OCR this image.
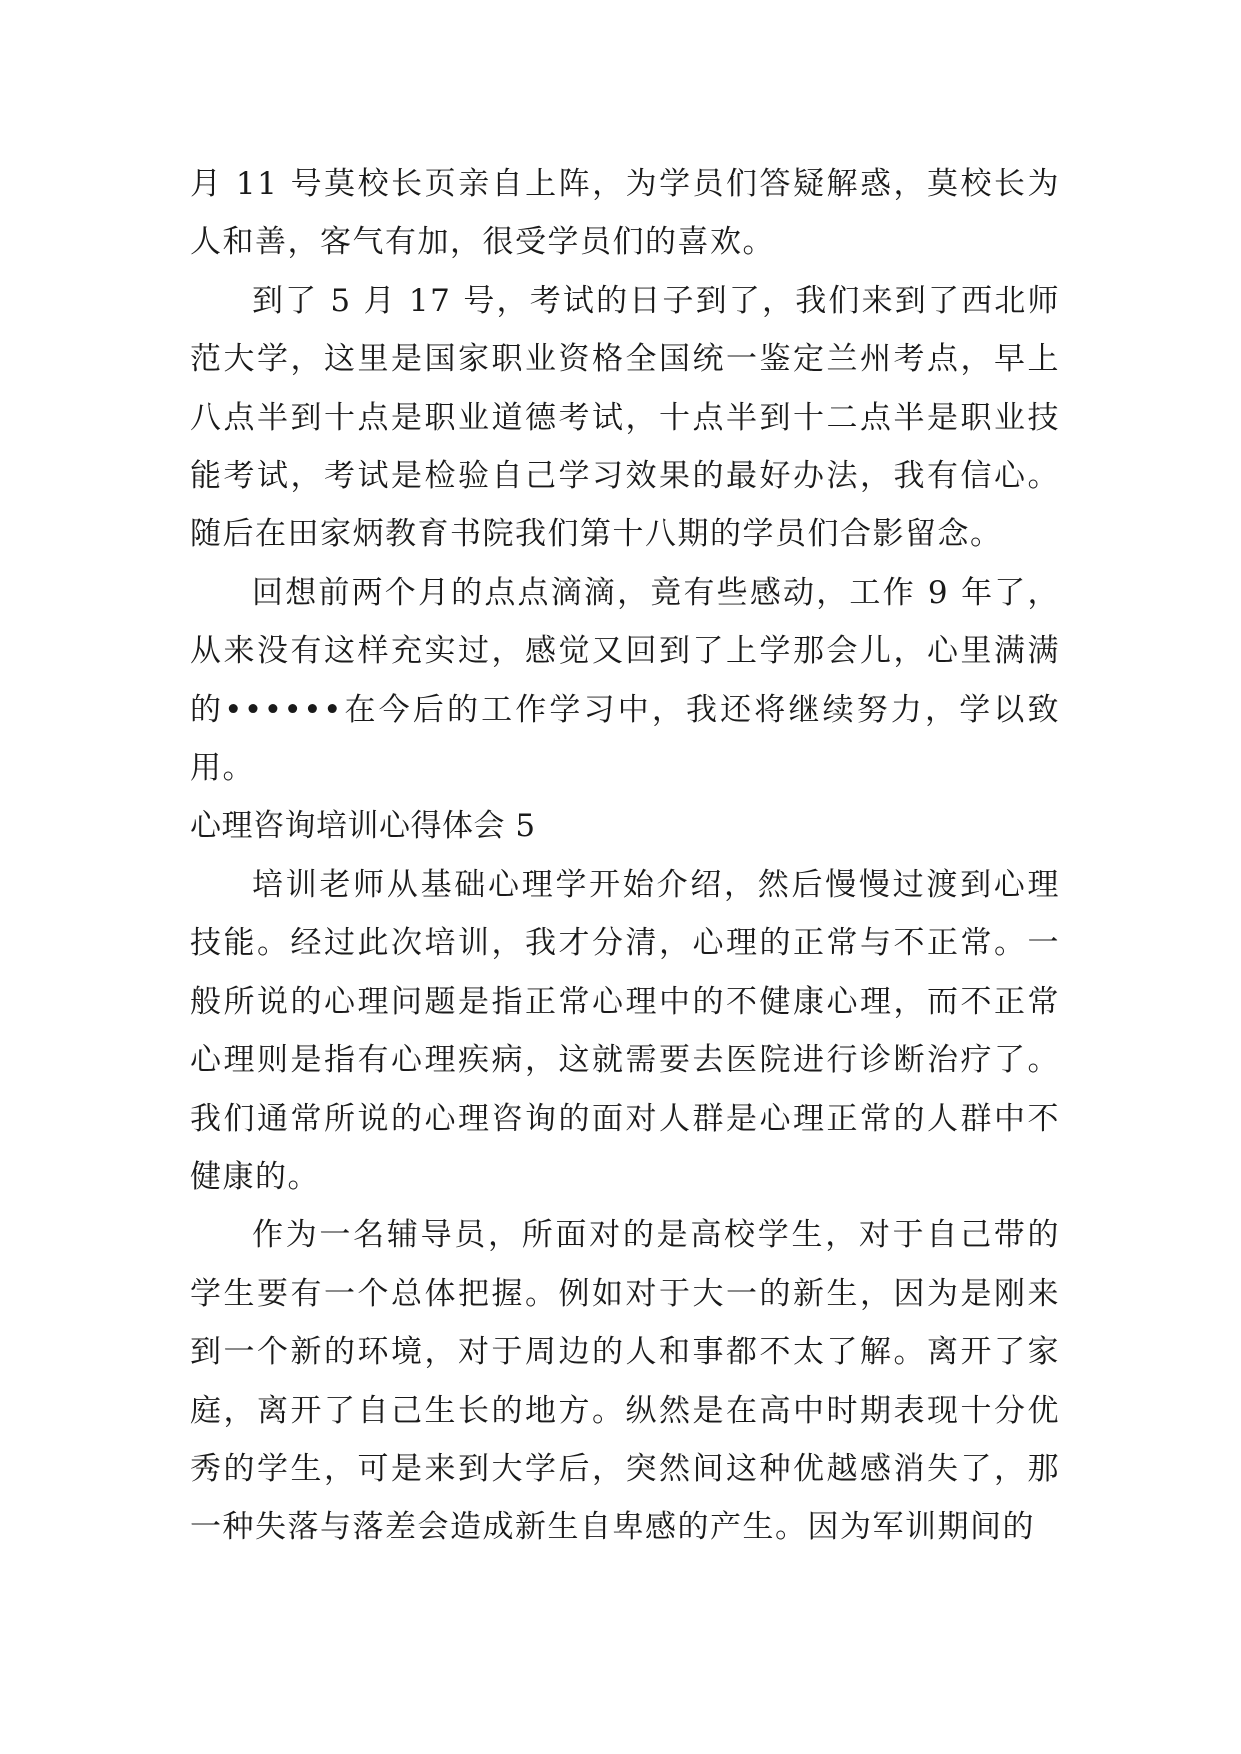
月 11 号莫校长页亲自上阵，为学员们答疑解惑，莫校长为人和善，客气有加，很受学员们的喜欢。

到了 5 月 17 号，考试的日子到了，我们来到了西北师范大学，这里是国家职业资格全国统一鉴定兰州考点，早上八点半到十点是职业道德考试，十点半到十二点半是职业技能考试，考试是检验自己学习效果的最好办法，我有信心。随后在田家炳教育书院我们第十八期的学员们合影留念。

回想前两个月的点点滴滴，竟有些感动，工作 9 年了，从来没有这样充实过，感觉又回到了上学那会儿，心里满满的••••••在今后的工作学习中，我还将继续努力，学以致用。

心理咨询培训心得体会 5

培训老师从基础心理学开始介绍，然后慢慢过渡到心理技能。经过此次培训，我才分清，心理的正常与不正常。一般所说的心理问题是指正常心理中的不健康心理，而不正常心理则是指有心理疾病，这就需要去医院进行诊断治疗了。我们通常所说的心理咨询的面对人群是心理正常的人群中不健康的。

作为一名辅导员，所面对的是高校学生，对于自己带的学生要有一个总体把握。例如对于大一的新生，因为是刚来到一个新的环境，对于周边的人和事都不太了解。离开了家庭，离开了自己生长的地方。纵然是在高中时期表现十分优秀的学生，可是来到大学后，突然间这种优越感消失了，那一种失落与落差会造成新生自卑感的产生。因为军训期间的
